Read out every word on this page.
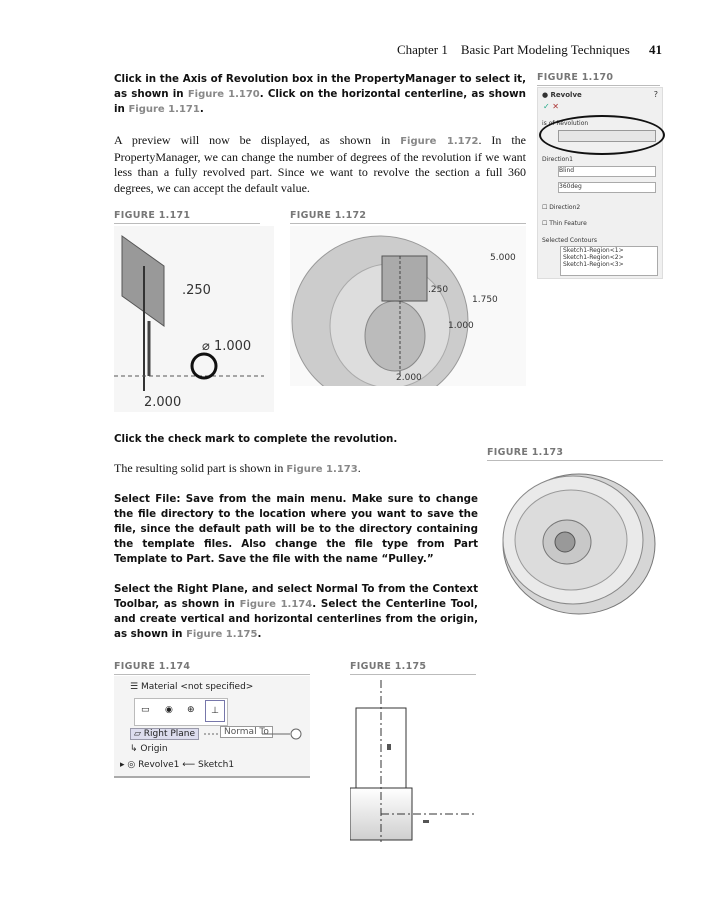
Chapter 1 Basic Part Modeling Techniques 41
Click in the Axis of Revolution box in the PropertyManager to select it, as shown in Figure 1.170. Click on the horizontal centerline, as shown in Figure 1.171.
A preview will now be displayed, as shown in Figure 1.172. In the PropertyManager, we can change the number of degrees of the revolution if we want less than a fully revolved part. Since we want to revolve the section a full 360 degrees, we can accept the default value.
FIGURE 1.170
● Revolve	?
✓ ✕
is of Revolution
Direction1
Blind
360deg
☐ Direction2
☐ Thin Feature
Selected Contours
Sketch1-Region<1>
Sketch1-Region<2>
Sketch1-Region<3>
FIGURE 1.171
.250
⌀ 1.000
2.000
FIGURE 1.172
5.000
.250
1.750
1.000
2.000
Click the check mark to complete the revolution.
The resulting solid part is shown in Figure 1.173.
FIGURE 1.173
Select File: Save from the main menu. Make sure to change the file directory to the location where you want to save the file, since the default path will be to the directory containing the template files. Also change the file type from Part Template to Part. Save the file with the name “Pulley.”
Select the Right Plane, and select Normal To from the Context Toolbar, as shown in Figure 1.174. Select the Centerline Tool, and create vertical and horizontal centerlines from the origin, as shown in Figure 1.175.
FIGURE 1.174
☰ Material <not specified>
▭ ◉ ⊕	⊥
▱ Right Plane	Normal To
↳ Origin
▸ ◎ Revolve1 ⟵ Sketch1
FIGURE 1.175
